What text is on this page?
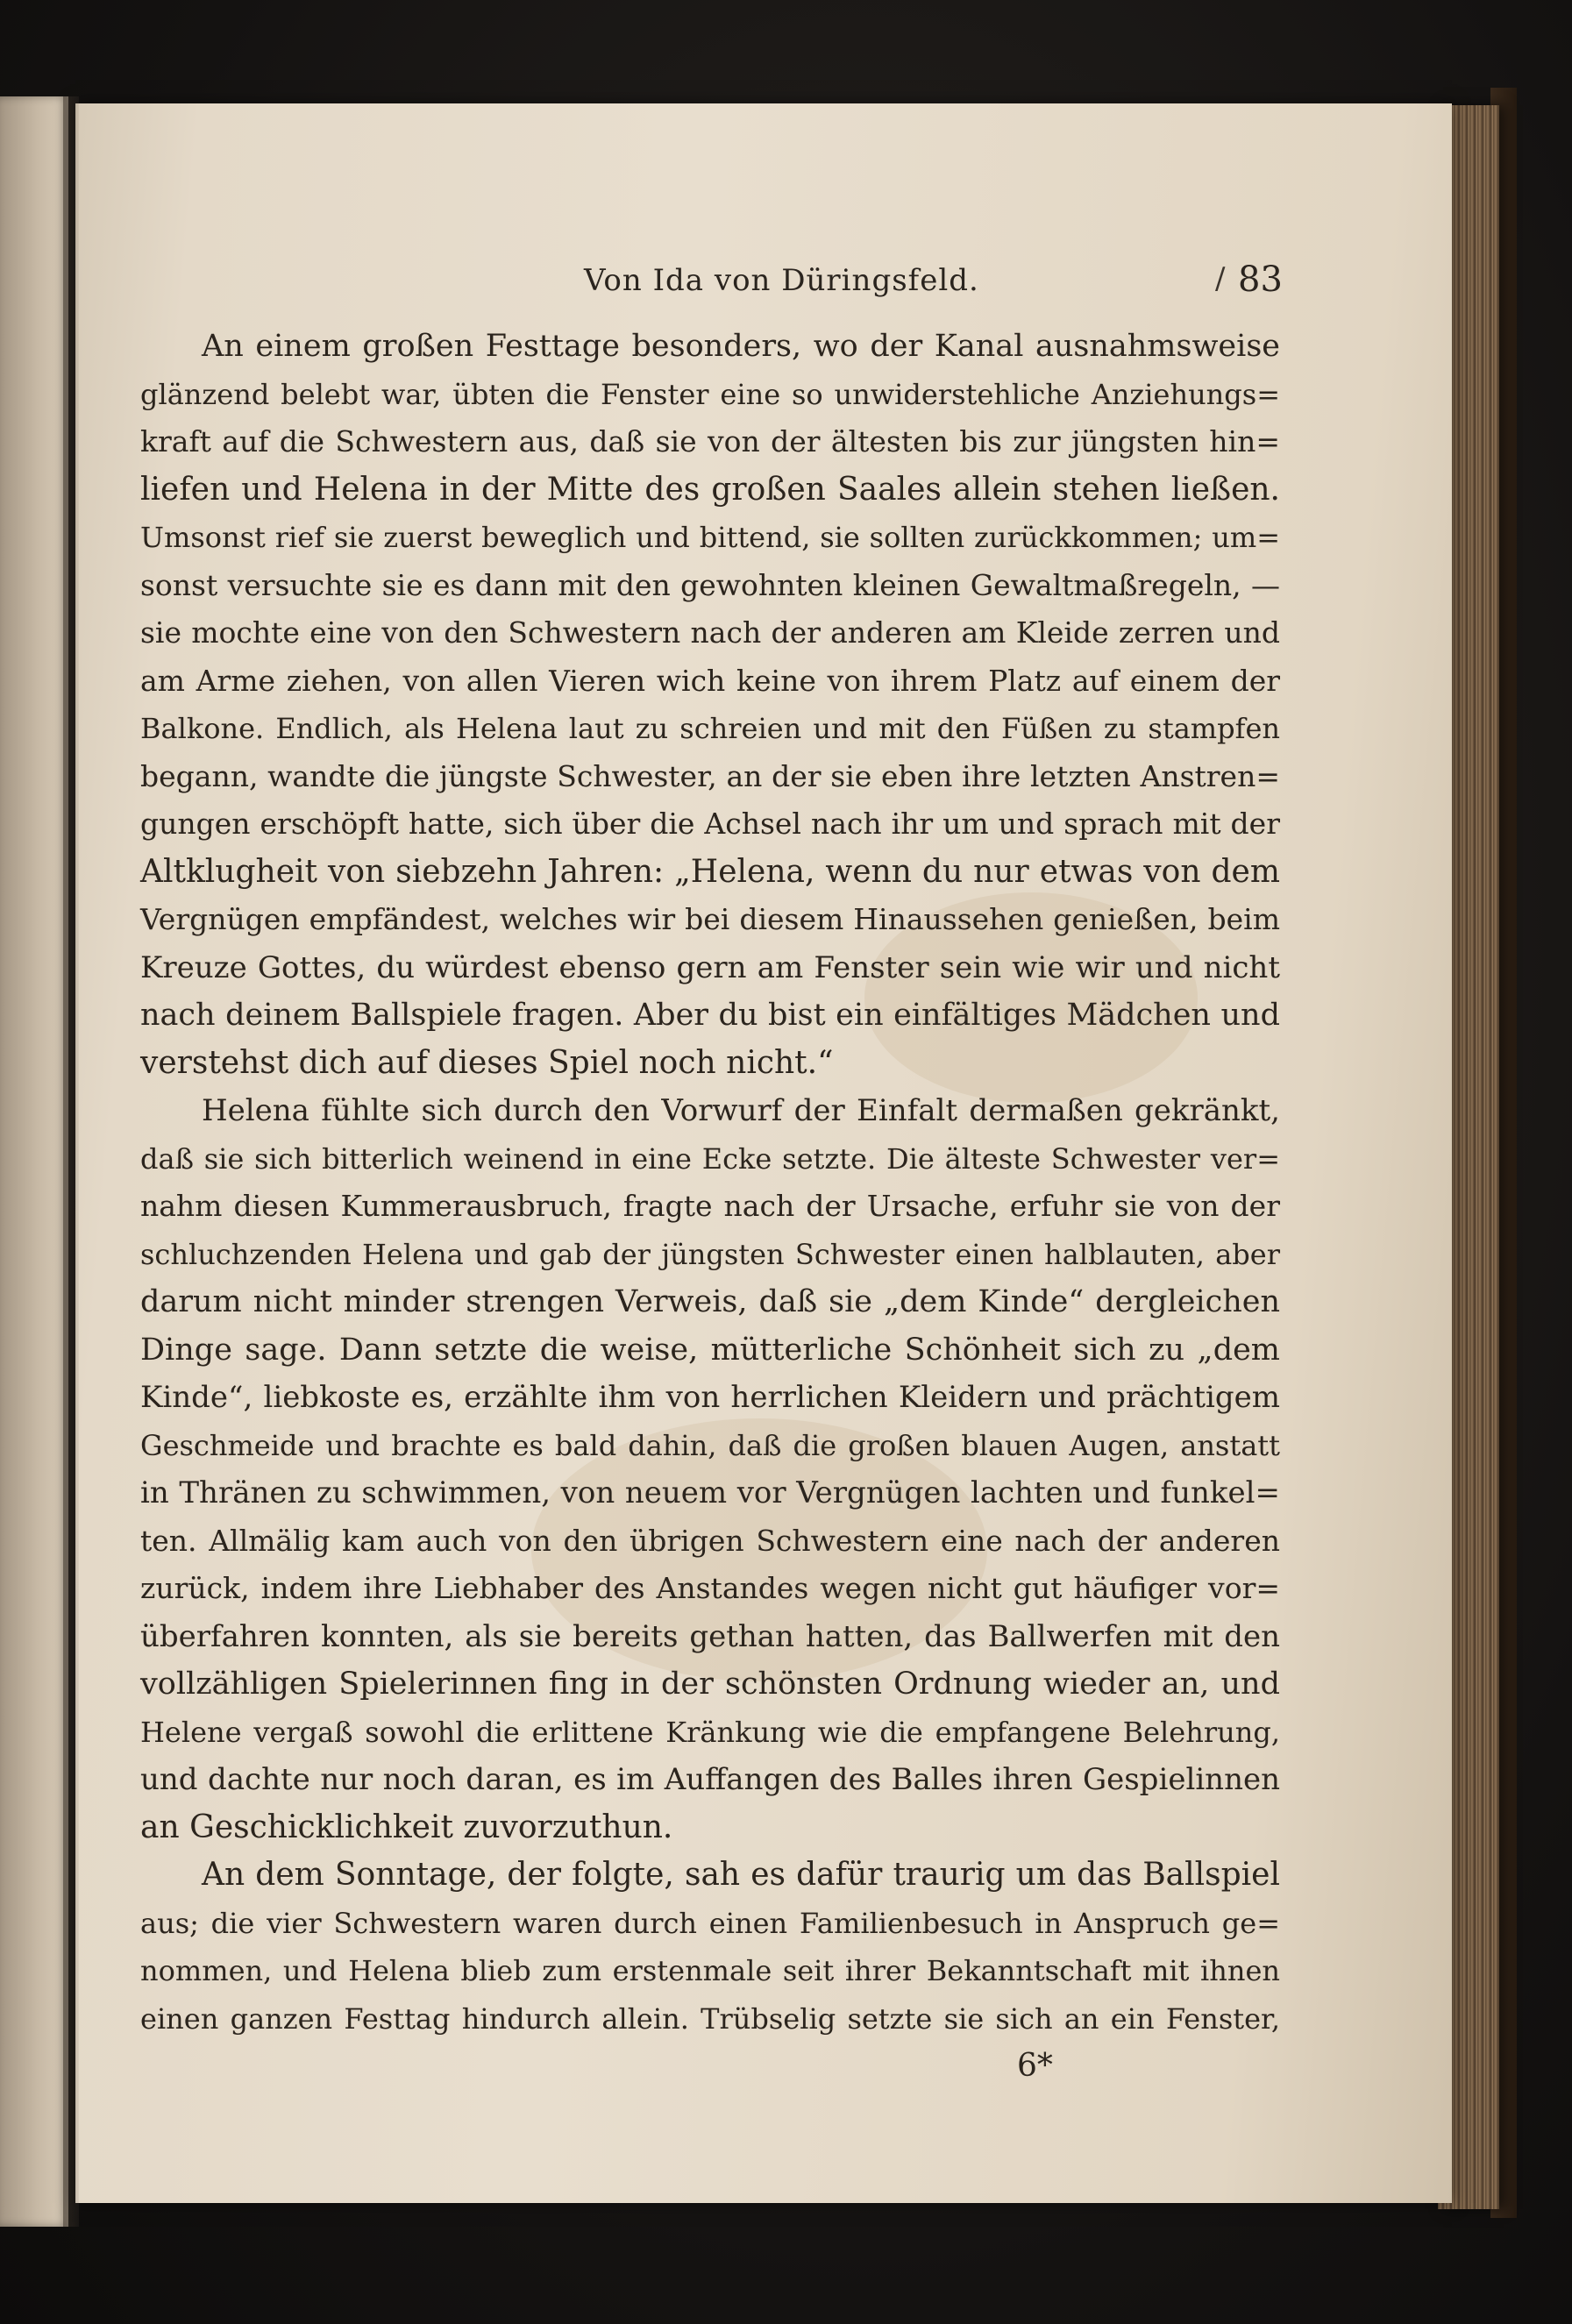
Von Ida von Düringsfeld.	/ 83
An einem großen Festtage besonders, wo der Kanal ausnahmsweise
glänzend belebt war, übten die Fenster eine so unwiderstehliche Anziehungs=
kraft auf die Schwestern aus, daß sie von der ältesten bis zur jüngsten hin=
liefen und Helena in der Mitte des großen Saales allein stehen ließen.
Umsonst rief sie zuerst beweglich und bittend, sie sollten zurückkommen; um=
sonst versuchte sie es dann mit den gewohnten kleinen Gewaltmaßregeln, —
sie mochte eine von den Schwestern nach der anderen am Kleide zerren und
am Arme ziehen, von allen Vieren wich keine von ihrem Platz auf einem der
Balkone. Endlich, als Helena laut zu schreien und mit den Füßen zu stampfen
begann, wandte die jüngste Schwester, an der sie eben ihre letzten Anstren=
gungen erschöpft hatte, sich über die Achsel nach ihr um und sprach mit der
Altklugheit von siebzehn Jahren: „Helena, wenn du nur etwas von dem
Vergnügen empfändest, welches wir bei diesem Hinaussehen genießen, beim
Kreuze Gottes, du würdest ebenso gern am Fenster sein wie wir und nicht
nach deinem Ballspiele fragen. Aber du bist ein einfältiges Mädchen und
verstehst dich auf dieses Spiel noch nicht.“
Helena fühlte sich durch den Vorwurf der Einfalt dermaßen gekränkt,
daß sie sich bitterlich weinend in eine Ecke setzte. Die älteste Schwester ver=
nahm diesen Kummerausbruch, fragte nach der Ursache, erfuhr sie von der
schluchzenden Helena und gab der jüngsten Schwester einen halblauten, aber
darum nicht minder strengen Verweis, daß sie „dem Kinde“ dergleichen
Dinge sage. Dann setzte die weise, mütterliche Schönheit sich zu „dem
Kinde“, liebkoste es, erzählte ihm von herrlichen Kleidern und prächtigem
Geschmeide und brachte es bald dahin, daß die großen blauen Augen, anstatt
in Thränen zu schwimmen, von neuem vor Vergnügen lachten und funkel=
ten. Allmälig kam auch von den übrigen Schwestern eine nach der anderen
zurück, indem ihre Liebhaber des Anstandes wegen nicht gut häufiger vor=
überfahren konnten, als sie bereits gethan hatten, das Ballwerfen mit den
vollzähligen Spielerinnen fing in der schönsten Ordnung wieder an, und
Helene vergaß sowohl die erlittene Kränkung wie die empfangene Belehrung,
und dachte nur noch daran, es im Auffangen des Balles ihren Gespielinnen
an Geschicklichkeit zuvorzuthun.
An dem Sonntage, der folgte, sah es dafür traurig um das Ballspiel
aus; die vier Schwestern waren durch einen Familienbesuch in Anspruch ge=
nommen, und Helena blieb zum erstenmale seit ihrer Bekanntschaft mit ihnen
einen ganzen Festtag hindurch allein. Trübselig setzte sie sich an ein Fenster,
6*
